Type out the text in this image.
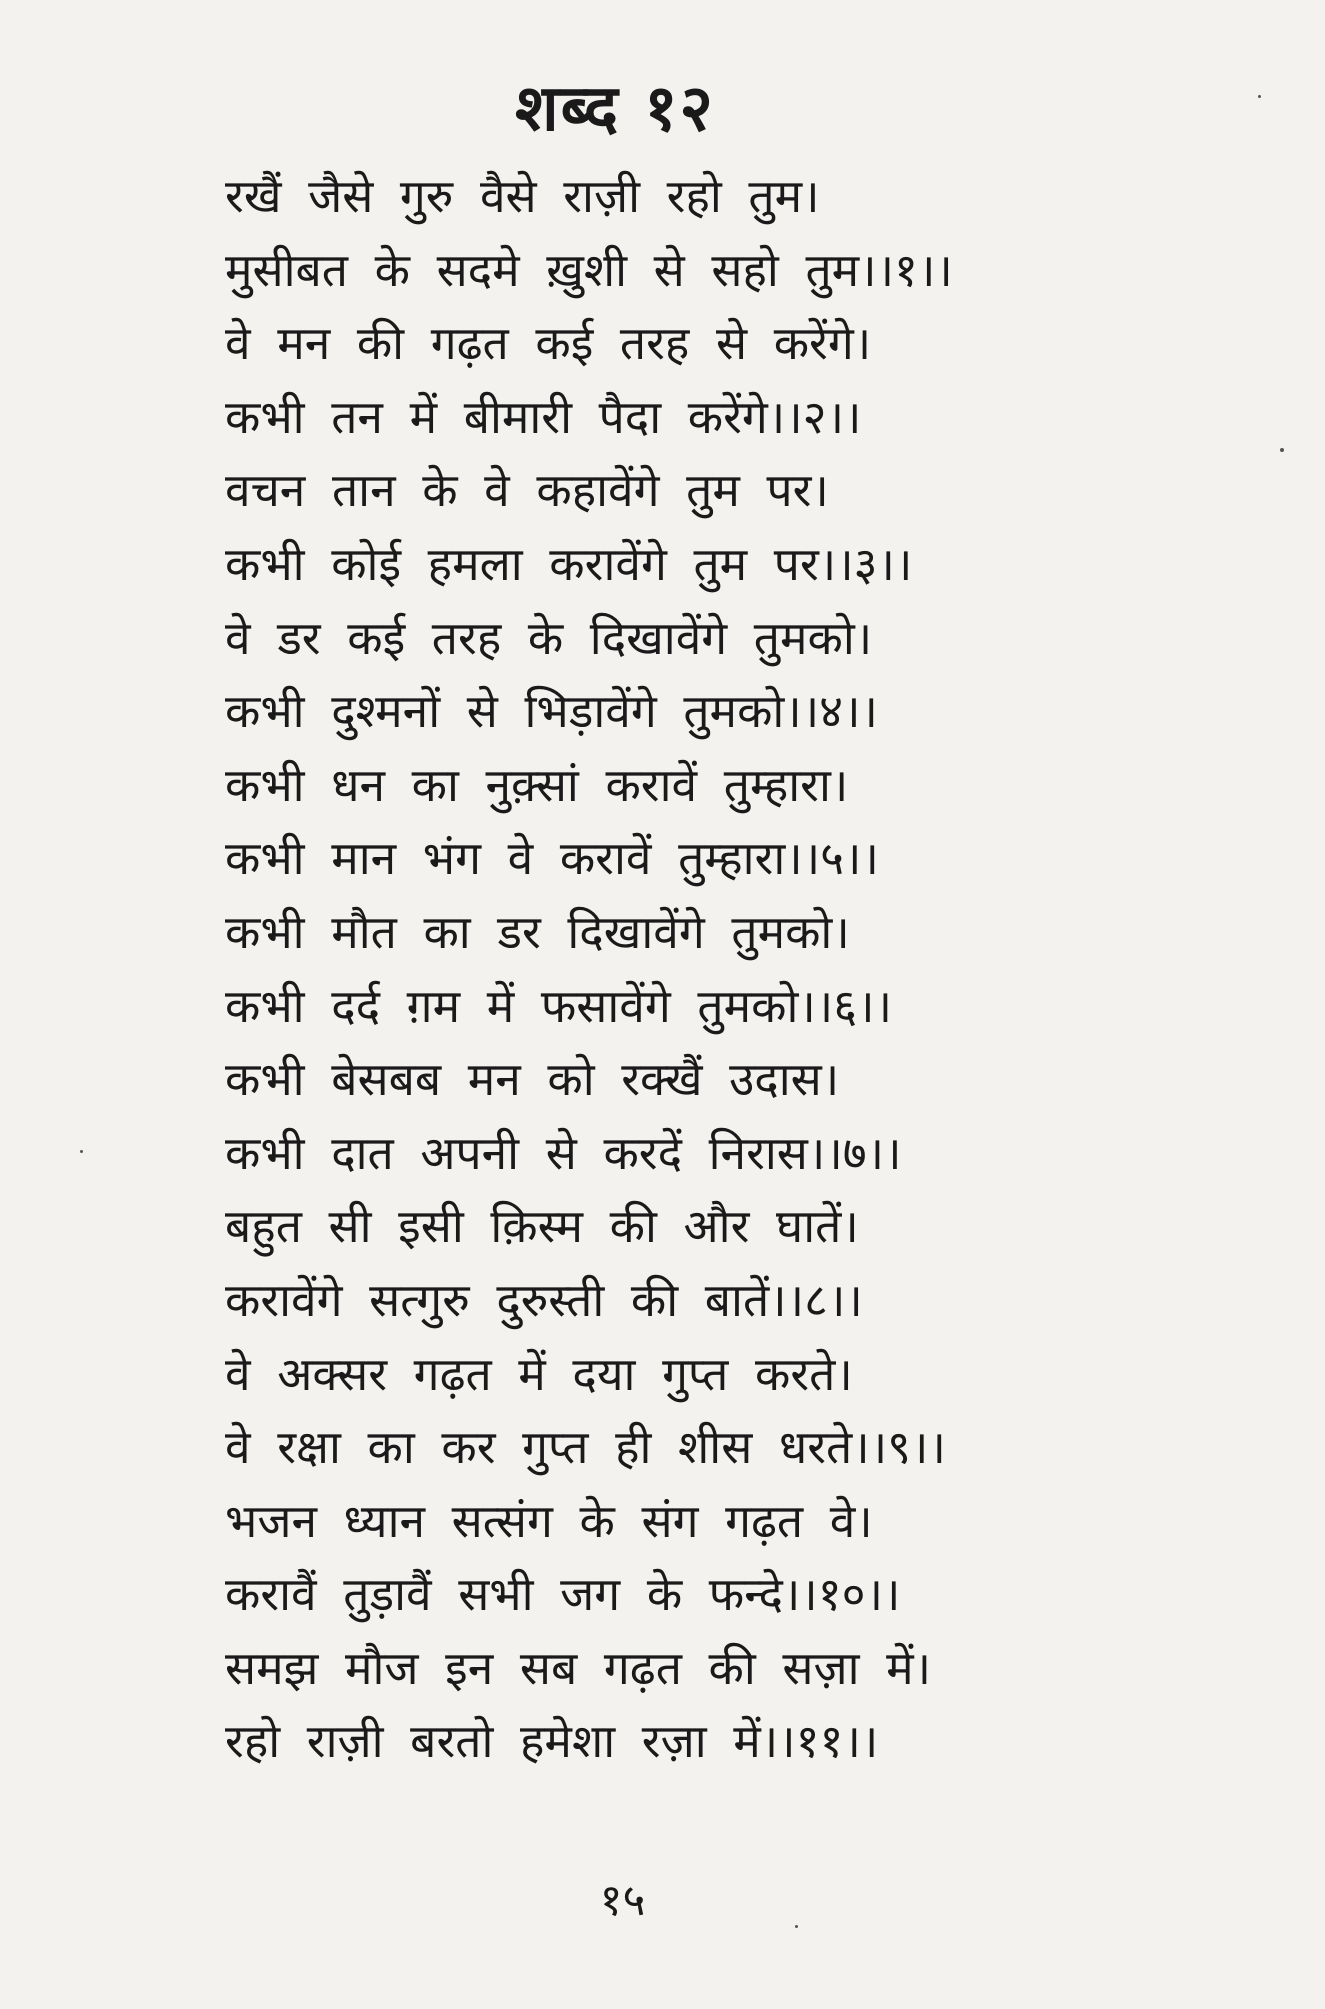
शब्द १२
रखैं जैसे गुरु वैसे राज़ी रहो तुम।
मुसीबत के सदमे ख़ुशी से सहो तुम।।१।।
वे मन की गढ़त कई तरह से करेंगे।
कभी तन में बीमारी पैदा करेंगे।।२।।
वचन तान के वे कहावेंगे तुम पर।
कभी कोई हमला करावेंगे तुम पर।।३।।
वे डर कई तरह के दिखावेंगे तुमको।
कभी दुश्मनों से भिड़ावेंगे तुमको।।४।।
कभी धन का नुक़्सां करावें तुम्हारा।
कभी मान भंग वे करावें तुम्हारा।।५।।
कभी मौत का डर दिखावेंगे तुमको।
कभी दर्द ग़म में फसावेंगे तुमको।।६।।
कभी बेसबब मन को रक्खैं उदास।
कभी दात अपनी से करदें निरास।।७।।
बहुत सी इसी क़िस्म की और घातें।
करावेंगे सत्गुरु दुरुस्ती की बातें।।८।।
वे अक्सर गढ़त में दया गुप्त करते।
वे रक्षा का कर गुप्त ही शीस धरते।।९।।
भजन ध्यान सत्संग के संग गढ़त वे।
करावैं तुड़ावैं सभी जग के फन्दे।।१०।।
समझ मौज इन सब गढ़त की सज़ा में।
रहो राज़ी बरतो हमेशा रज़ा में।।११।।
१५
